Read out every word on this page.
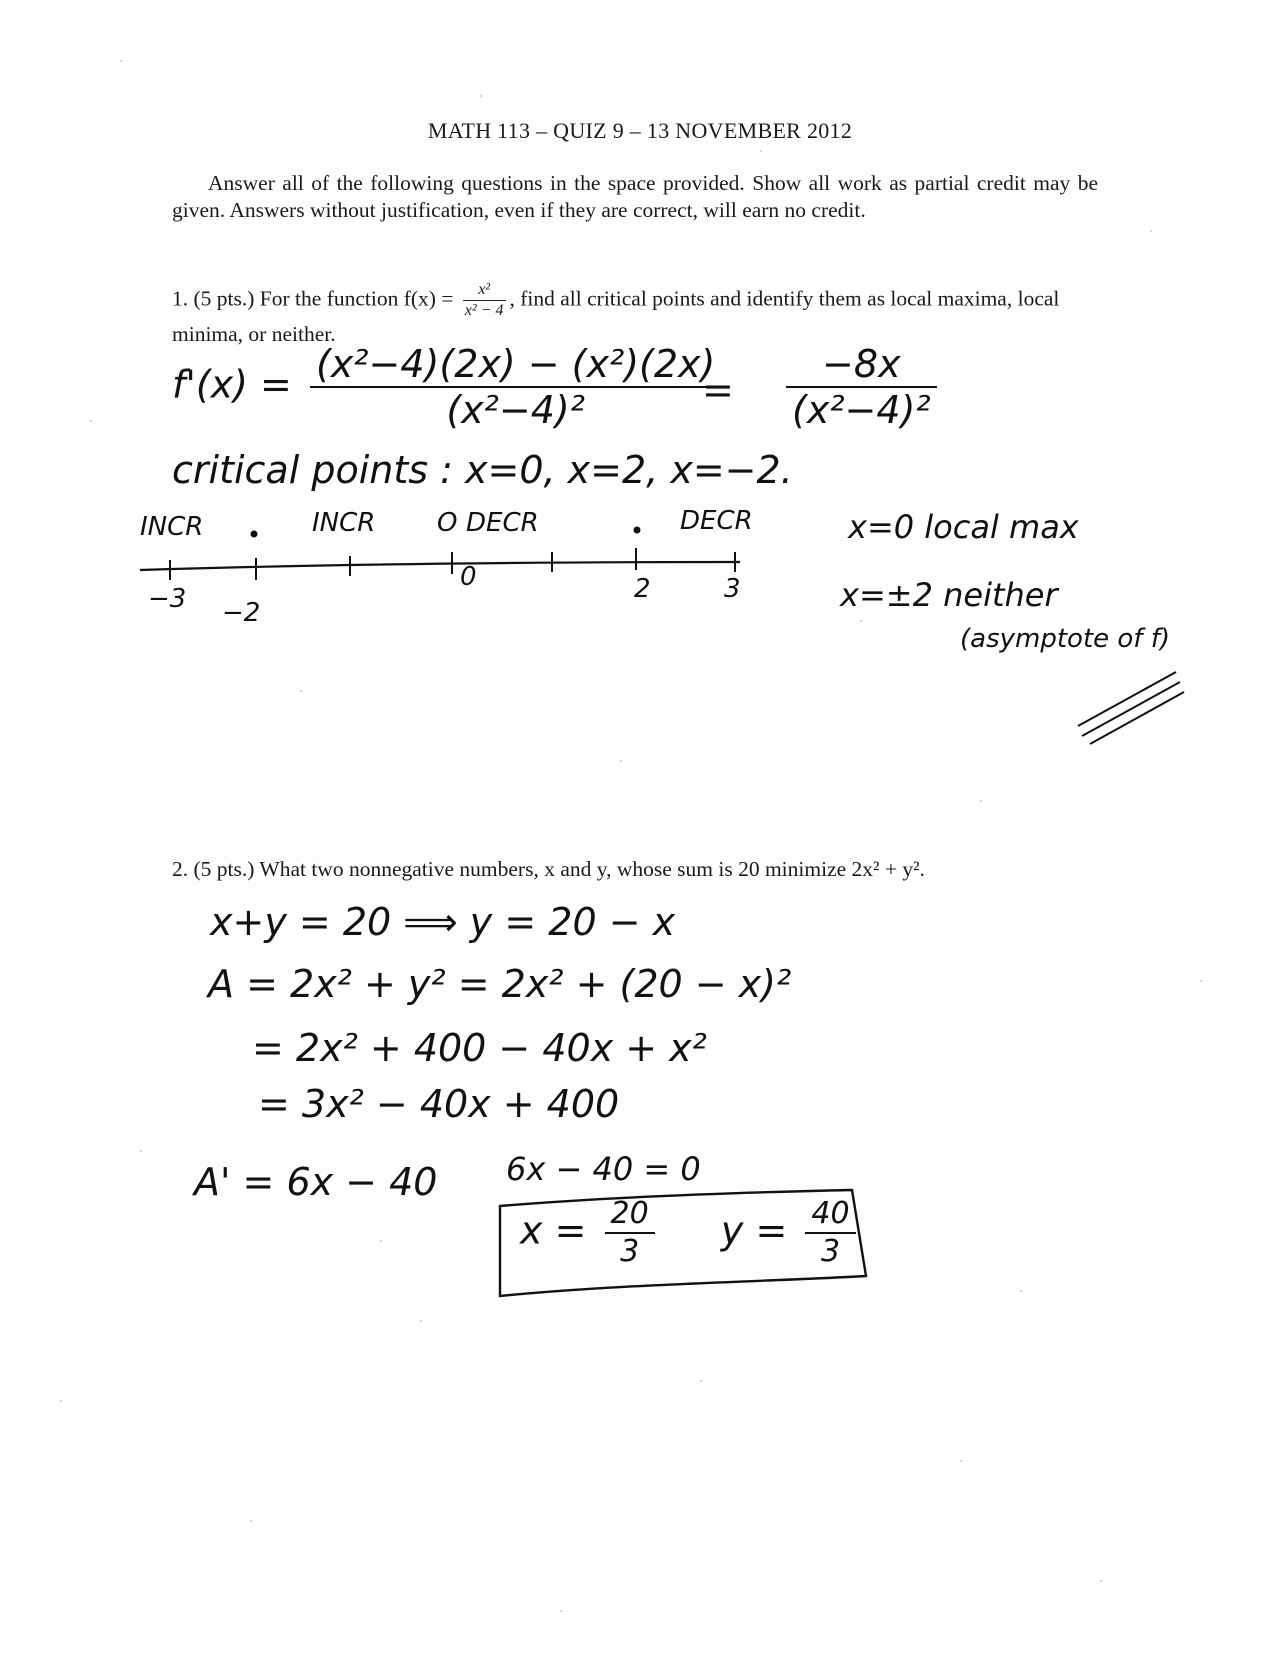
MATH 113 – QUIZ 9 – 13 NOVEMBER 2012
Answer all of the following questions in the space provided. Show all work as partial credit may be given. Answers without justification, even if they are correct, will earn no credit.
1. (5 pts.) For the function $f(x) = \frac{\text{x²}}{\text{x² − 4}}$ , find all critical points and identify them as local maxima, local minima, or neither.
$f'(x) = \frac{\text{(x²−4)(2x) − (x²)(2x)}}{\text{(x²−4)²}}$
= $\frac{-8x}{\text{(x²−4)²}}$
critical points : x=0, x=2, x=−2.
INCR	INCR O DECR	DECR
−3 −2
0	2	3
x=0 local max
x=±2 neither
(asymptote of f)
2. (5 pts.) What two nonnegative numbers, x and y, whose sum is 20 minimize 2x² + y².
x+y = 20 ⟹ y = 20 − x
A = 2x² + y² = 2x² + (20 − x)²
= 2x² + 400 − 40x + x²
= 3x² − 40x + 400
A' = 6x − 40 6x − 40 = 0
$x = \frac{20}{3}$ $y = \frac{40}{3}$
